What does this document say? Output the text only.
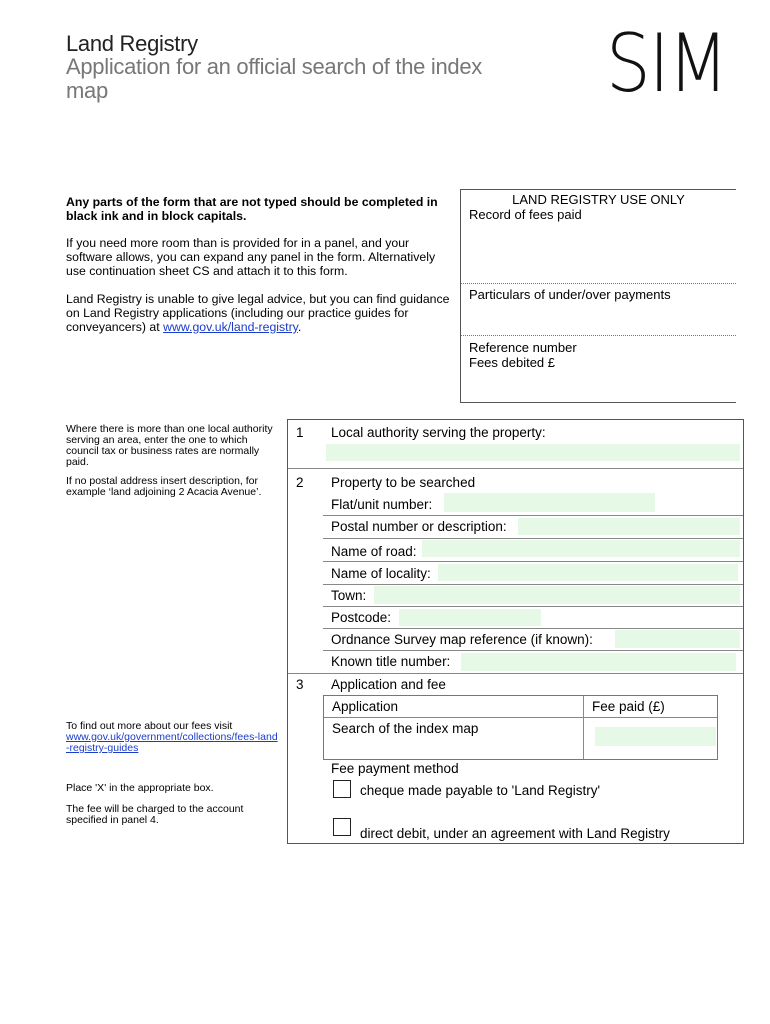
Land Registry
Application for an official search of the index map	SIM
Any parts of the form that are not typed should be completed in black ink and in block capitals.
If you need more room than is provided for in a panel, and your software allows, you can expand any panel in the form. Alternatively use continuation sheet CS and attach it to this form.
Land Registry is unable to give legal advice, but you can find guidance on Land Registry applications (including our practice guides for conveyancers) at www.gov.uk/land-registry.
LAND REGISTRY USE ONLY
Record of fees paid
Particulars of under/over payments
Reference number
Fees debited £
Where there is more than one local authority serving an area, enter the one to which council tax or business rates are normally paid.
If no postal address insert description, for example ‘land adjoining 2 Acacia Avenue’.
To find out more about our fees visit
www.gov.uk/government/collections/fees-land-registry-guides
Place 'X' in the appropriate box.
The fee will be charged to the account specified in panel 4.
1 Local authority serving the property:
2 Property to be searched
Flat/unit number:
Postal number or description:
Name of road:
Name of locality:
Town:
Postcode:
Ordnance Survey map reference (if known):
Known title number:
3 Application and fee
Application	Fee paid (£)
Search of the index map
Fee payment method
cheque made payable to 'Land Registry'
direct debit, under an agreement with Land Registry
